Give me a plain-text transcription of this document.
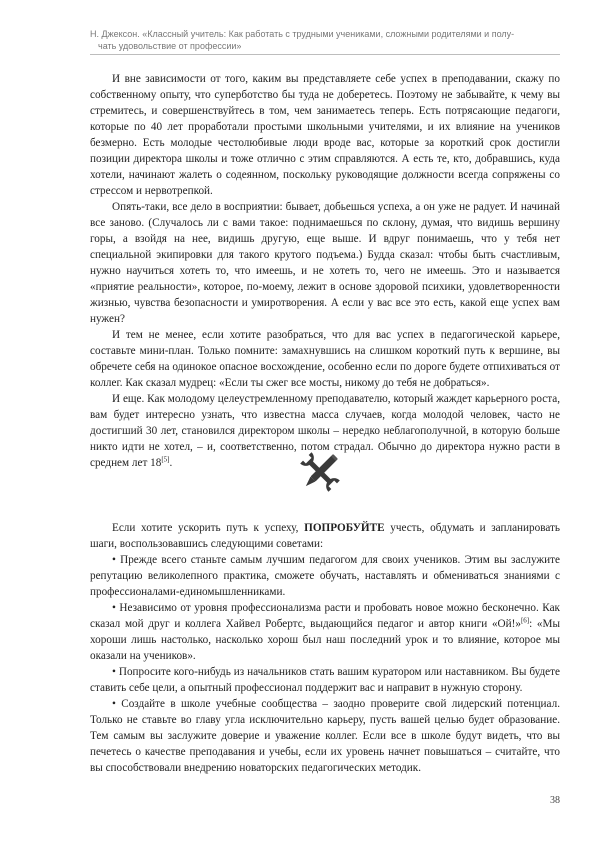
Н. Джексон. «Классный учитель: Как работать с трудными учениками, сложными родителями и полу-
чать удовольствие от профессии»

И вне зависимости от того, каким вы представляете себе успех в преподавании, скажу по собственному опыту, что суперботство бы туда не доберетесь. Поэтому не забывайте, к чему вы стремитесь, и совершенствуйтесь в том, чем занимаетесь теперь. Есть потрясающие педагоги, которые по 40 лет проработали простыми школьными учителями, и их влияние на учеников безмерно. Есть молодые честолюбивые люди вроде вас, которые за короткий срок достигли позиции директора школы и тоже отлично с этим справляются. А есть те, кто, добравшись, куда хотели, начинают жалеть о содеянном, поскольку руководящие должности всегда сопряжены со стрессом и нервотрепкой.

Опять-таки, все дело в восприятии: бывает, добьешься успеха, а он уже не радует. И начинай все заново. (Случалось ли с вами такое: поднимаешься по склону, думая, что видишь вершину горы, а взойдя на нее, видишь другую, еще выше. И вдруг понимаешь, что у тебя нет специальной экипировки для такого крутого подъема.) Будда сказал: чтобы быть счастливым, нужно научиться хотеть то, что имеешь, и не хотеть то, чего не имеешь. Это и называется «приятие реальности», которое, по-моему, лежит в основе здоровой психики, удовлетворенности жизнью, чувства безопасности и умиротворения. А если у вас все это есть, какой еще успех вам нужен?

И тем не менее, если хотите разобраться, что для вас успех в педагогической карьере, составьте мини-план. Только помните: замахнувшись на слишком короткий путь к вершине, вы обречете себя на одинокое опасное восхождение, особенно если по дороге будете отпихиваться от коллег. Как сказал мудрец: «Если ты сжег все мосты, никому до тебя не добраться».

И еще. Как молодому целеустремленному преподавателю, который жаждет карьерного роста, вам будет интересно узнать, что известна масса случаев, когда молодой человек, часто не достигший 30 лет, становился директором школы – нередко неблагополучной, в которую больше никто идти не хотел, – и, соответственно, потом страдал. Обычно до директора нужно расти в среднем лет 18[5].

Если хотите ускорить путь к успеху, ПОПРОБУЙТЕ учесть, обдумать и запланировать шаги, воспользовавшись следующими советами:

• Прежде всего станьте самым лучшим педагогом для своих учеников. Этим вы заслужите репутацию великолепного практика, сможете обучать, наставлять и обмениваться знаниями с профессионалами-единомышленниками.

• Независимо от уровня профессионализма расти и пробовать новое можно бесконечно. Как сказал мой друг и коллега Хайвел Робертс, выдающийся педагог и автор книги «Ой!»[6]: «Мы хороши лишь настолько, насколько хорош был наш последний урок и то влияние, которое мы оказали на учеников».

• Попросите кого-нибудь из начальников стать вашим куратором или наставником. Вы будете ставить себе цели, а опытный профессионал поддержит вас и направит в нужную сторону.

• Создайте в школе учебные сообщества – заодно проверите свой лидерский потенциал. Только не ставьте во главу угла исключительно карьеру, пусть вашей целью будет образование. Тем самым вы заслужите доверие и уважение коллег. Если все в школе будут видеть, что вы печетесь о качестве преподавания и учебы, если их уровень начнет повышаться – считайте, что вы способствовали внедрению новаторских педагогических методик.

38
